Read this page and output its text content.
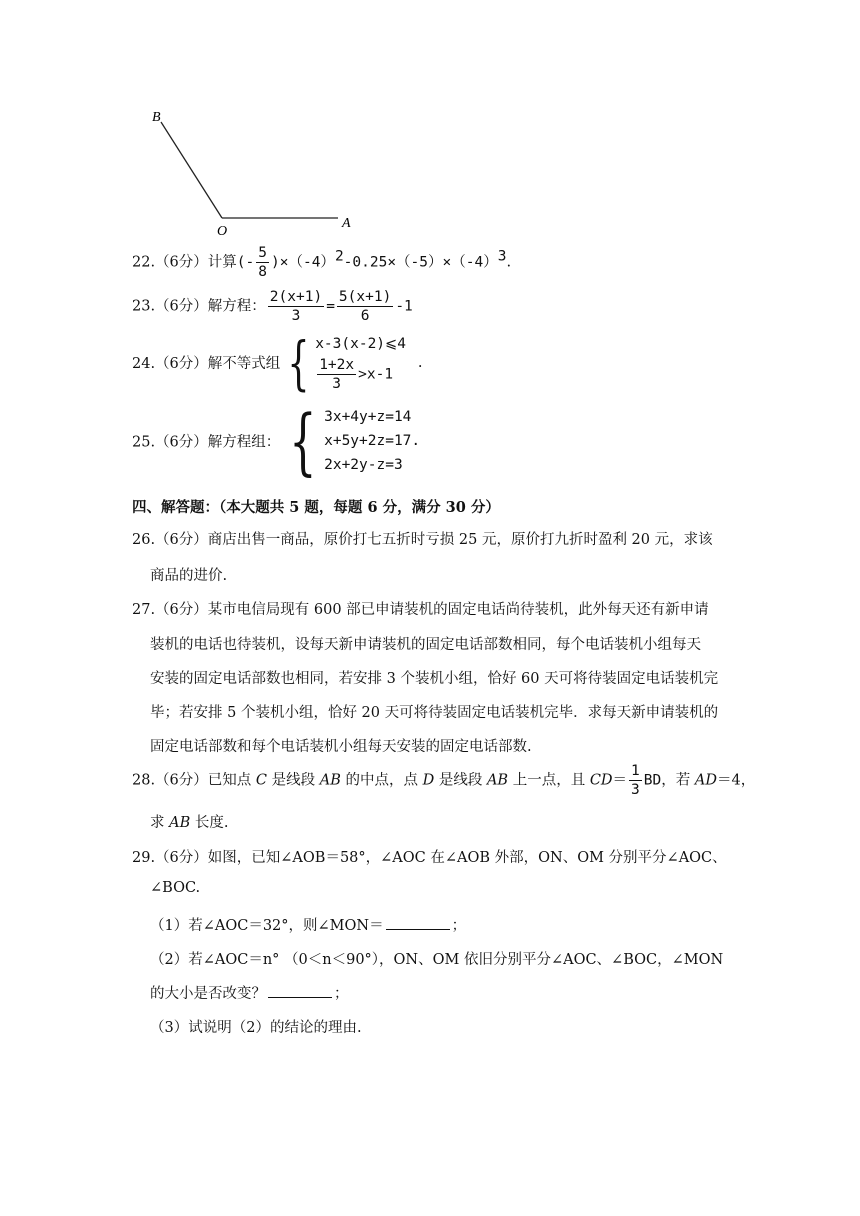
B
O
A
22.（6分）计算(- $\frac{5}{8} )\times(-4)^2-0.25\times(-5)\times(-4)^3$.
23.（6分）解方程： $\frac{2(x+1)}{3} = \frac{5(x+1)}{6} -1$
24.（6分）解不等式组 { x-3(x-2)⩽4
$\frac{1+2x}{3} >x-1$
.
25.（6分）解方程组： { 3x+4y+z=14
x+5y+2z=17.
2x+2y-z=3
四、解答题：（本大题共 5 题，每题 6 分，满分 30 分）
26.（6分）商店出售一商品，原价打七五折时亏损 25 元，原价打九折时盈利 20 元，求该
商品的进价.
27.（6分）某市电信局现有 600 部已申请装机的固定电话尚待装机，此外每天还有新申请
装机的电话也待装机，设每天新申请装机的固定电话部数相同，每个电话装机小组每天
安装的固定电话部数也相同，若安排 3 个装机小组，恰好 60 天可将待装固定电话装机完
毕；若安排 5 个装机小组，恰好 20 天可将待装固定电话装机完毕．求每天新申请装机的
固定电话部数和每个电话装机小组每天安装的固定电话部数.
28.（6分）已知点 C 是线段 AB 的中点，点 D 是线段 AB 上一点，且 $CD= \frac{1}{3}$ BD，若 AD＝4，
求 AB 长度.
29.（6分）如图，已知∠AOB＝58°，∠AOC 在∠AOB 外部，ON、OM 分别平分∠AOC、
∠BOC.
（1）若∠AOC＝32°，则∠MON＝	；
（2）若∠AOC＝n° （0＜n＜90°），ON、OM 依旧分别平分∠AOC、∠BOC，∠MON
的大小是否改变？	；
（3）试说明（2）的结论的理由.
